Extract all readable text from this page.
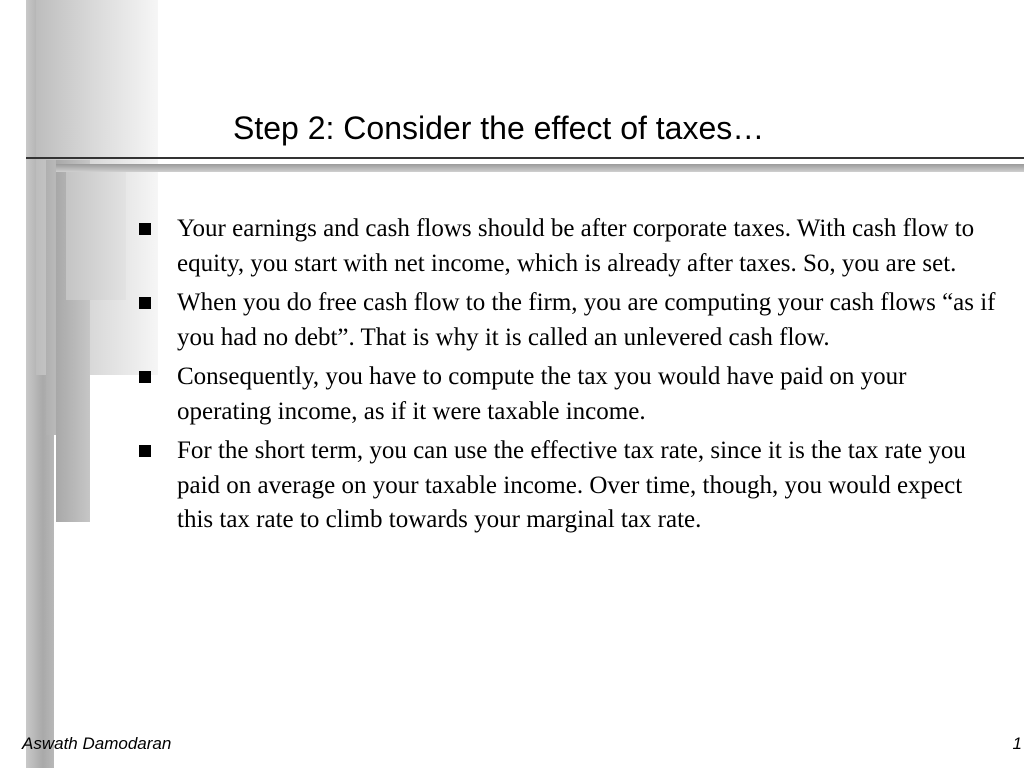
Step 2: Consider the effect of taxes…
Your earnings and cash flows should be after corporate taxes. With cash flow to equity, you start with net income, which is already after taxes. So, you are set.
When you do free cash flow to the firm, you are computing your cash flows “as if you had no debt”. That is why it is called an unlevered cash flow.
Consequently, you have to compute the tax you would have paid on your operating income, as if it were taxable income.
For the short term, you can use the effective tax rate, since it is the tax rate you paid on average on your taxable income. Over time, though, you would expect this tax rate to climb towards your marginal tax rate.
Aswath Damodaran	1
